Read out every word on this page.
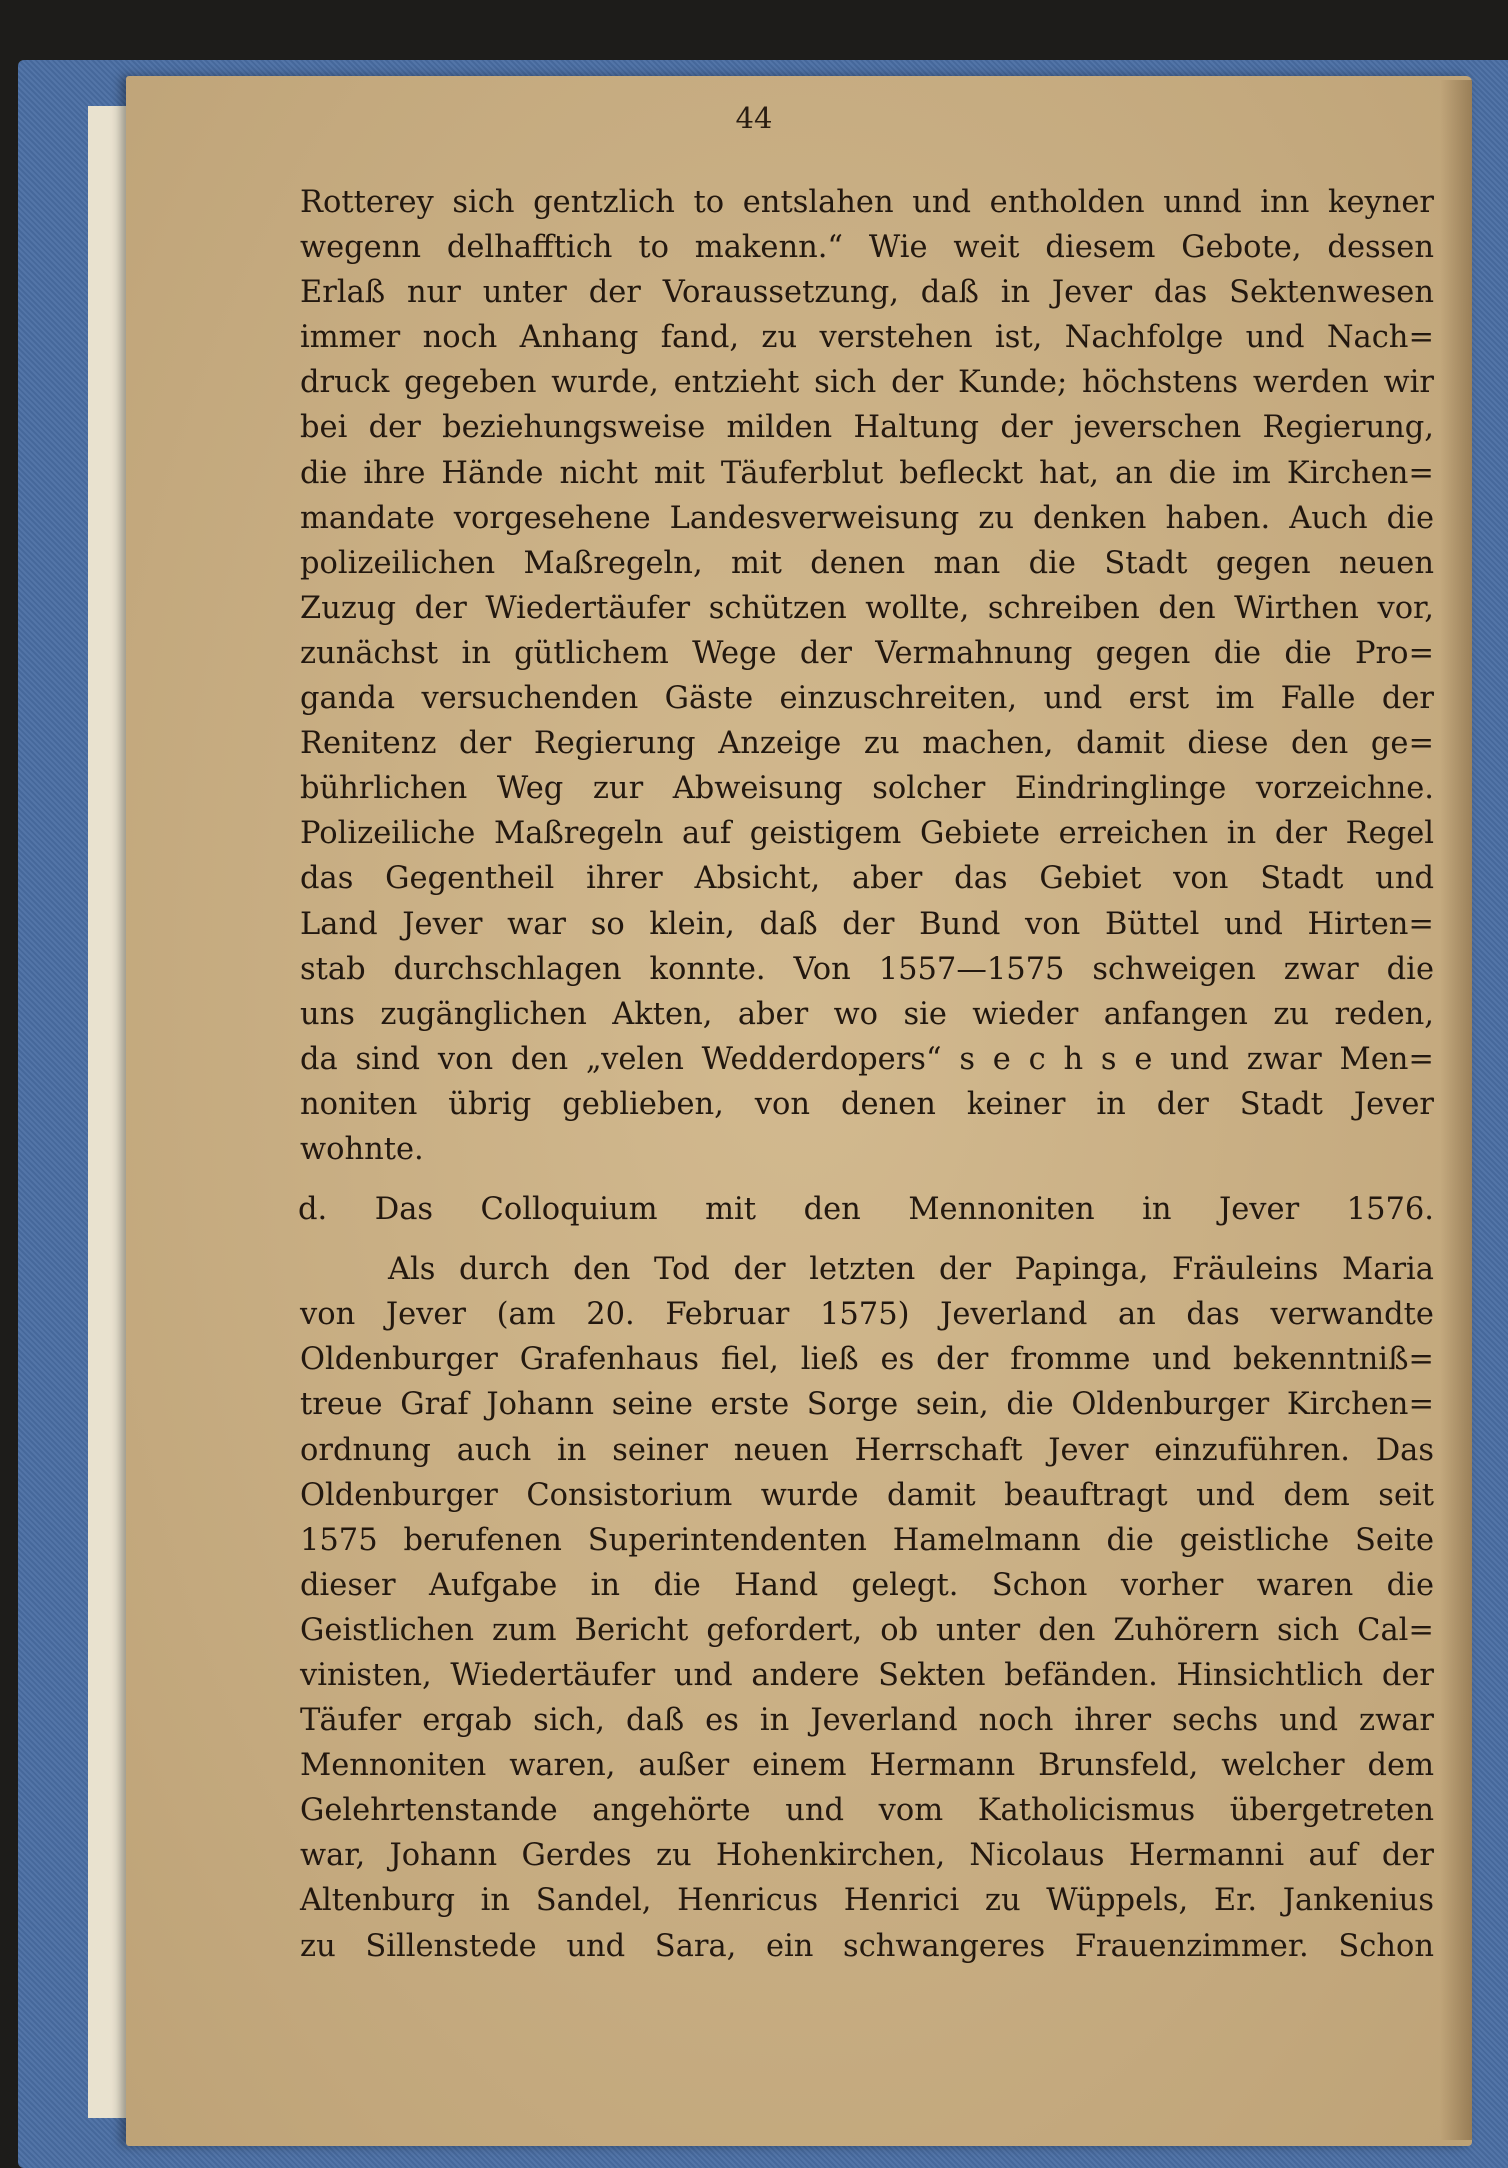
44
Rotterey sich gentzlich to entslahen und entholden unnd inn keyner
wegenn delhafftich to makenn.“ Wie weit diesem Gebote, dessen
Erlaß nur unter der Voraussetzung, daß in Jever das Sektenwesen
immer noch Anhang fand, zu verstehen ist, Nachfolge und Nach=
druck gegeben wurde, entzieht sich der Kunde; höchstens werden wir
bei der beziehungsweise milden Haltung der jeverschen Regierung,
die ihre Hände nicht mit Täuferblut befleckt hat, an die im Kirchen=
mandate vorgesehene Landesverweisung zu denken haben. Auch die
polizeilichen Maßregeln, mit denen man die Stadt gegen neuen
Zuzug der Wiedertäufer schützen wollte, schreiben den Wirthen vor,
zunächst in gütlichem Wege der Vermahnung gegen die die Pro=
ganda versuchenden Gäste einzuschreiten, und erst im Falle der
Renitenz der Regierung Anzeige zu machen, damit diese den ge=
bührlichen Weg zur Abweisung solcher Eindringlinge vorzeichne.
Polizeiliche Maßregeln auf geistigem Gebiete erreichen in der Regel
das Gegentheil ihrer Absicht, aber das Gebiet von Stadt und
Land Jever war so klein, daß der Bund von Büttel und Hirten=
stab durchschlagen konnte. Von 1557—1575 schweigen zwar die
uns zugänglichen Akten, aber wo sie wieder anfangen zu reden,
da sind von den „velen Wedderdopers“ s e c h s e und zwar Men=
noniten übrig geblieben, von denen keiner in der Stadt Jever
wohnte.
d. Das Colloquium mit den Mennoniten in Jever 1576.
Als durch den Tod der letzten der Papinga, Fräuleins Maria
von Jever (am 20. Februar 1575) Jeverland an das verwandte
Oldenburger Grafenhaus fiel, ließ es der fromme und bekenntniß=
treue Graf Johann seine erste Sorge sein, die Oldenburger Kirchen=
ordnung auch in seiner neuen Herrschaft Jever einzuführen. Das
Oldenburger Consistorium wurde damit beauftragt und dem seit
1575 berufenen Superintendenten Hamelmann die geistliche Seite
dieser Aufgabe in die Hand gelegt. Schon vorher waren die
Geistlichen zum Bericht gefordert, ob unter den Zuhörern sich Cal=
vinisten, Wiedertäufer und andere Sekten befänden. Hinsichtlich der
Täufer ergab sich, daß es in Jeverland noch ihrer sechs und zwar
Mennoniten waren, außer einem Hermann Brunsfeld, welcher dem
Gelehrtenstande angehörte und vom Katholicismus übergetreten
war, Johann Gerdes zu Hohenkirchen, Nicolaus Hermanni auf der
Altenburg in Sandel, Henricus Henrici zu Wüppels, Er. Jankenius
zu Sillenstede und Sara, ein schwangeres Frauenzimmer. Schon
